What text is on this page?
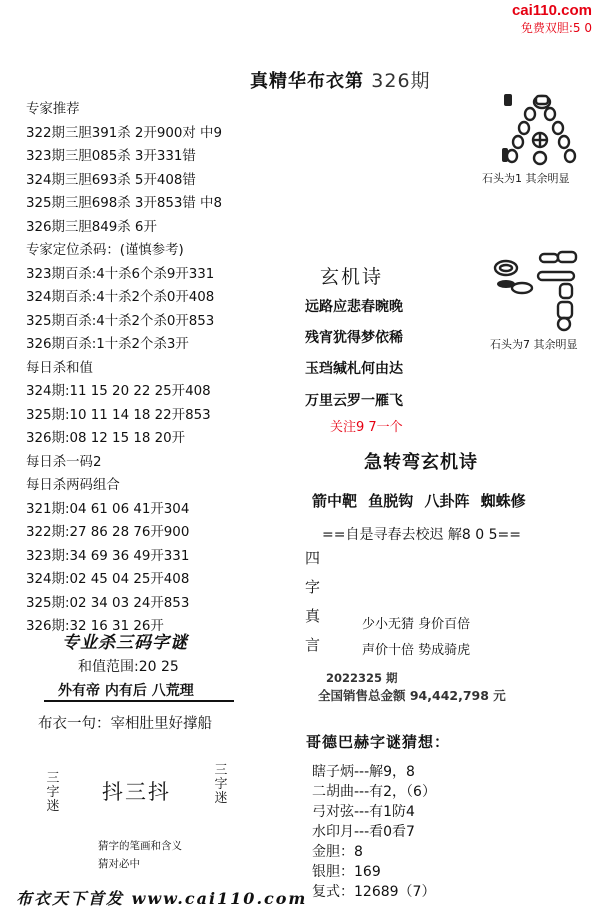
cai110.com
免费双胆:5 0
真精华布衣第 326期
专家推荐
322期三胆391杀 2开900对 中9
323期三胆085杀 3开331错
324期三胆693杀 5开408错
325期三胆698杀 3开853错 中8
326期三胆849杀 6开
专家定位杀码：(谨慎参考)
323期百杀:4十杀6个杀9开331
324期百杀:4十杀2个杀0开408
325期百杀:4十杀2个杀0开853
326期百杀:1十杀2个杀3开
每日杀和值
324期:11 15 20 22 25开408
325期:10 11 14 18 22开853
326期:08 12 15 18 20开
每日杀一码2
每日杀两码组合
321期:04 61 06 41开304
322期:27 86 28 76开900
323期:34 69 36 49开331
324期:02 45 04 25开408
325期:02 34 03 24开853
326期:32 16 31 26开
专业杀三码字谜
和值范围:20 25
外有帝 内有后 八荒理
布衣一句：宰相肚里好撑船
三字迷
抖三抖
三字迷
猜字的笔画和含义
猜对必中
布衣天下首发 www.cai110.com
石头为1 其余明显
石头为7 其余明显
玄机诗
远路应悲春晼晚
残宵犹得梦依稀
玉珰缄札何由达
万里云罗一雁飞
关注9 7一个
急转弯玄机诗
箭中靶 鱼脱钩 八卦阵 蜘蛛修
==自是寻春去校迟 解8 0 5==
四
字
真
言
少小无猜 身价百倍
声价十倍 势成骑虎
2022325 期
全国销售总金额 94,442,798 元
哥德巴赫字谜猜想：
瞎子炳---解9，8
二胡曲---有2，（6）
弓对弦---有1防4
水印月---看0看7
金胆：8
银胆：169
复式：12689（7）
